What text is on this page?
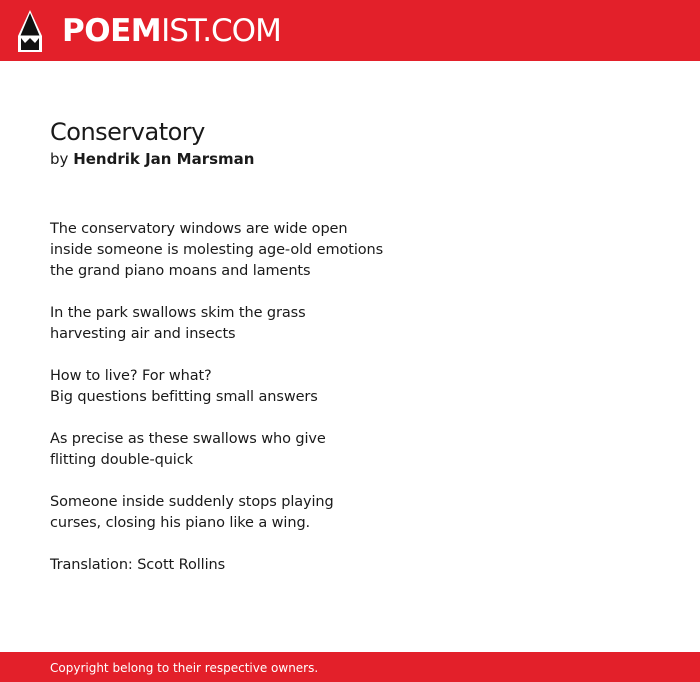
POEMIST.COM
Conservatory
by Hendrik Jan Marsman
The conservatory windows are wide open
inside someone is molesting age-old emotions
the grand piano moans and laments
In the park swallows skim the grass
harvesting air and insects
How to live? For what?
Big questions befitting small answers
As precise as these swallows who give
flitting double-quick
Someone inside suddenly stops playing
curses, closing his piano like a wing.
Translation: Scott Rollins
Copyright belong to their respective owners.
